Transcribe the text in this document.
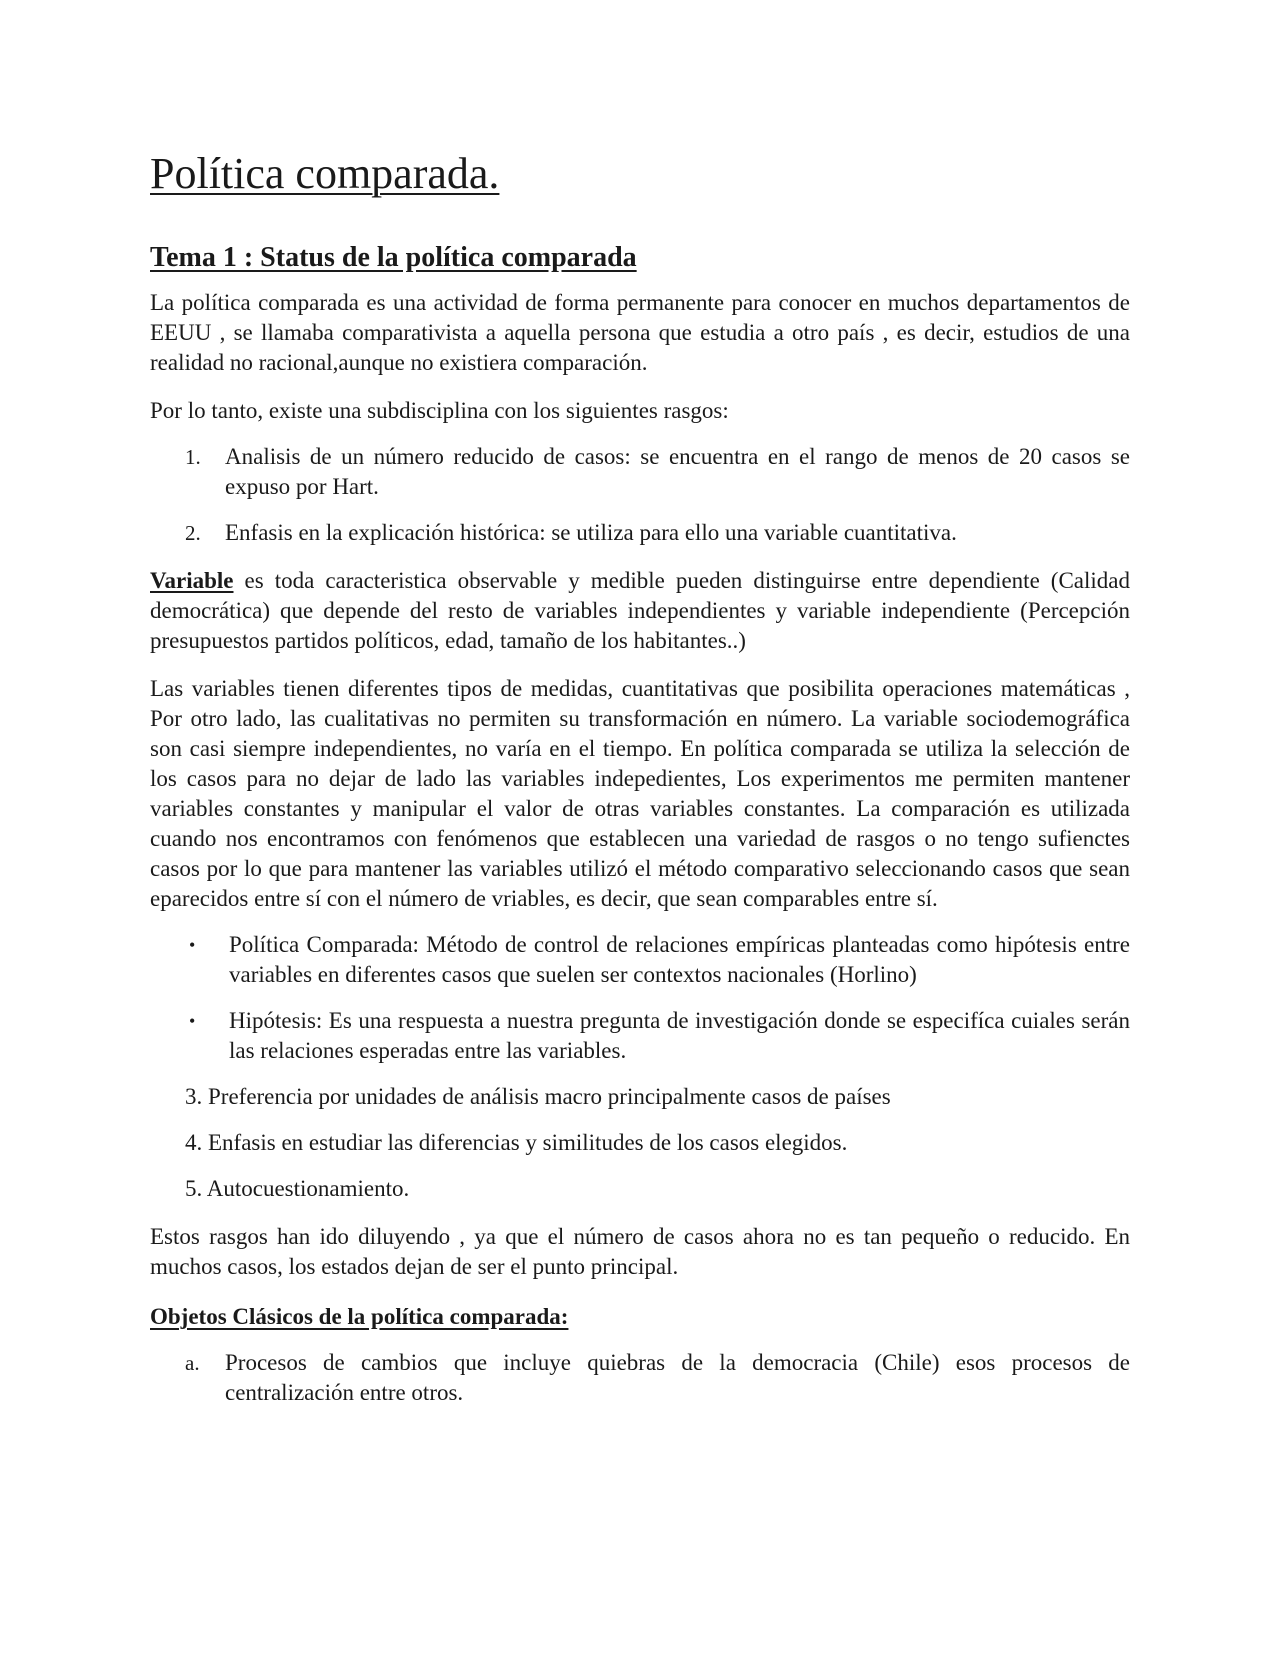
Política comparada.
Tema 1 : Status de la política comparada

La política comparada es una actividad de forma permanente para conocer en muchos departamentos de EEUU , se llamaba comparativista a aquella persona que estudia a otro país , es decir, estudios de una realidad no racional,aunque no existiera comparación.

Por lo tanto, existe una subdisciplina con los siguientes rasgos:

1.	Analisis de un número reducido de casos: se encuentra en el rango de menos de 20 casos se expuso por Hart.
2.	Enfasis en la explicación histórica: se utiliza para ello una variable cuantitativa.

Variable es toda caracteristica observable y medible pueden distinguirse entre dependiente (Calidad democrática) que depende del resto de variables independientes y variable independiente (Percepción presupuestos partidos políticos, edad, tamaño de los habitantes..)

Las variables tienen diferentes tipos de medidas, cuantitativas que posibilita operaciones matemáticas , Por otro lado, las cualitativas no permiten su transformación en número. La variable sociodemográfica son casi siempre independientes, no varía en el tiempo. En política comparada se utiliza la selección de los casos para no dejar de lado las variables indepedientes, Los experimentos me permiten mantener variables constantes y manipular el valor de otras variables constantes. La comparación es utilizada cuando nos encontramos con fenómenos que establecen una variedad de rasgos o no tengo sufienctes casos por lo que para mantener las variables utilizó el método comparativo seleccionando casos que sean eparecidos entre sí con el número de vriables, es decir, que sean comparables entre sí.

•	Política Comparada: Método de control de relaciones empíricas planteadas como hipótesis entre variables en diferentes casos que suelen ser contextos nacionales (Horlino)
•	Hipótesis: Es una respuesta a nuestra pregunta de investigación donde se especifíca cuiales serán las relaciones esperadas entre las variables.
3. Preferencia por unidades de análisis macro principalmente casos de países
4. Enfasis en estudiar las diferencias y similitudes de los casos elegidos.
5. Autocuestionamiento.

Estos rasgos han ido diluyendo , ya que el número de casos ahora no es tan pequeño o reducido. En muchos casos, los estados dejan de ser el punto principal.

Objetos Clásicos de la política comparada:
a.	Procesos de cambios que incluye quiebras de la democracia (Chile) esos procesos de centralización entre otros.
